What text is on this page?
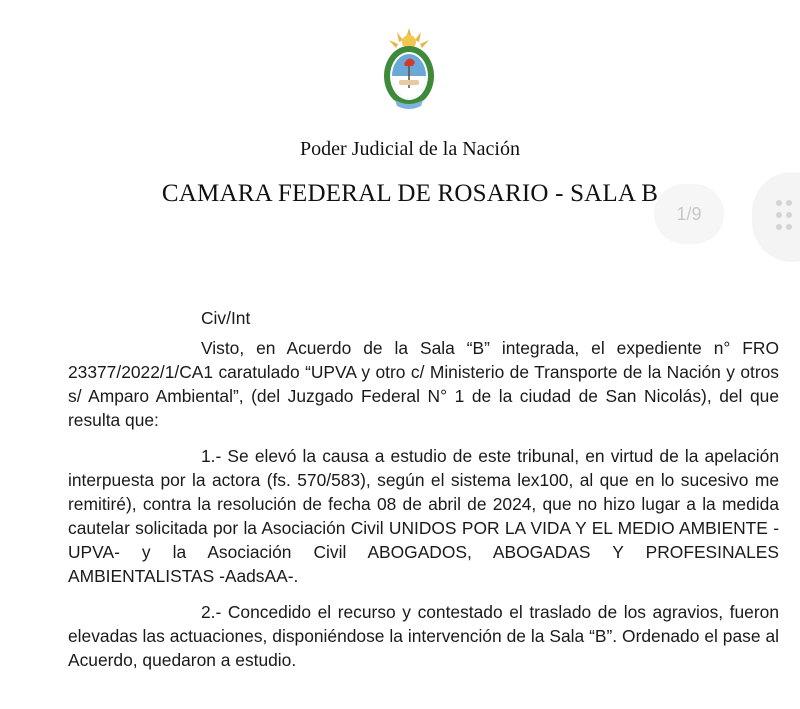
Poder Judicial de la Nación
CAMARA FEDERAL DE ROSARIO - SALA B
1/9

Civ/Int

Visto, en Acuerdo de la Sala “B” integrada, el expediente n° FRO 23377/2022/1/CA1 caratulado “UPVA y otro c/ Ministerio de Transporte de la Nación y otros s/ Amparo Ambiental”, (del Juzgado Federal N° 1 de la ciudad de San Nicolás), del que resulta que:

1.- Se elevó la causa a estudio de este tribunal, en virtud de la apelación interpuesta por la actora (fs. 570/583), según el sistema lex100, al que en lo sucesivo me remitiré), contra la resolución de fecha 08 de abril de 2024, que no hizo lugar a la medida cautelar solicitada por la Asociación Civil UNIDOS POR LA VIDA Y EL MEDIO AMBIENTE -UPVA- y la Asociación Civil ABOGADOS, ABOGADAS Y PROFESINALES AMBIENTALISTAS -AadsAA-.

2.- Concedido el recurso y contestado el traslado de los agravios, fueron elevadas las actuaciones, disponiéndose la intervención de la Sala “B”. Ordenado el pase al Acuerdo, quedaron a estudio.
